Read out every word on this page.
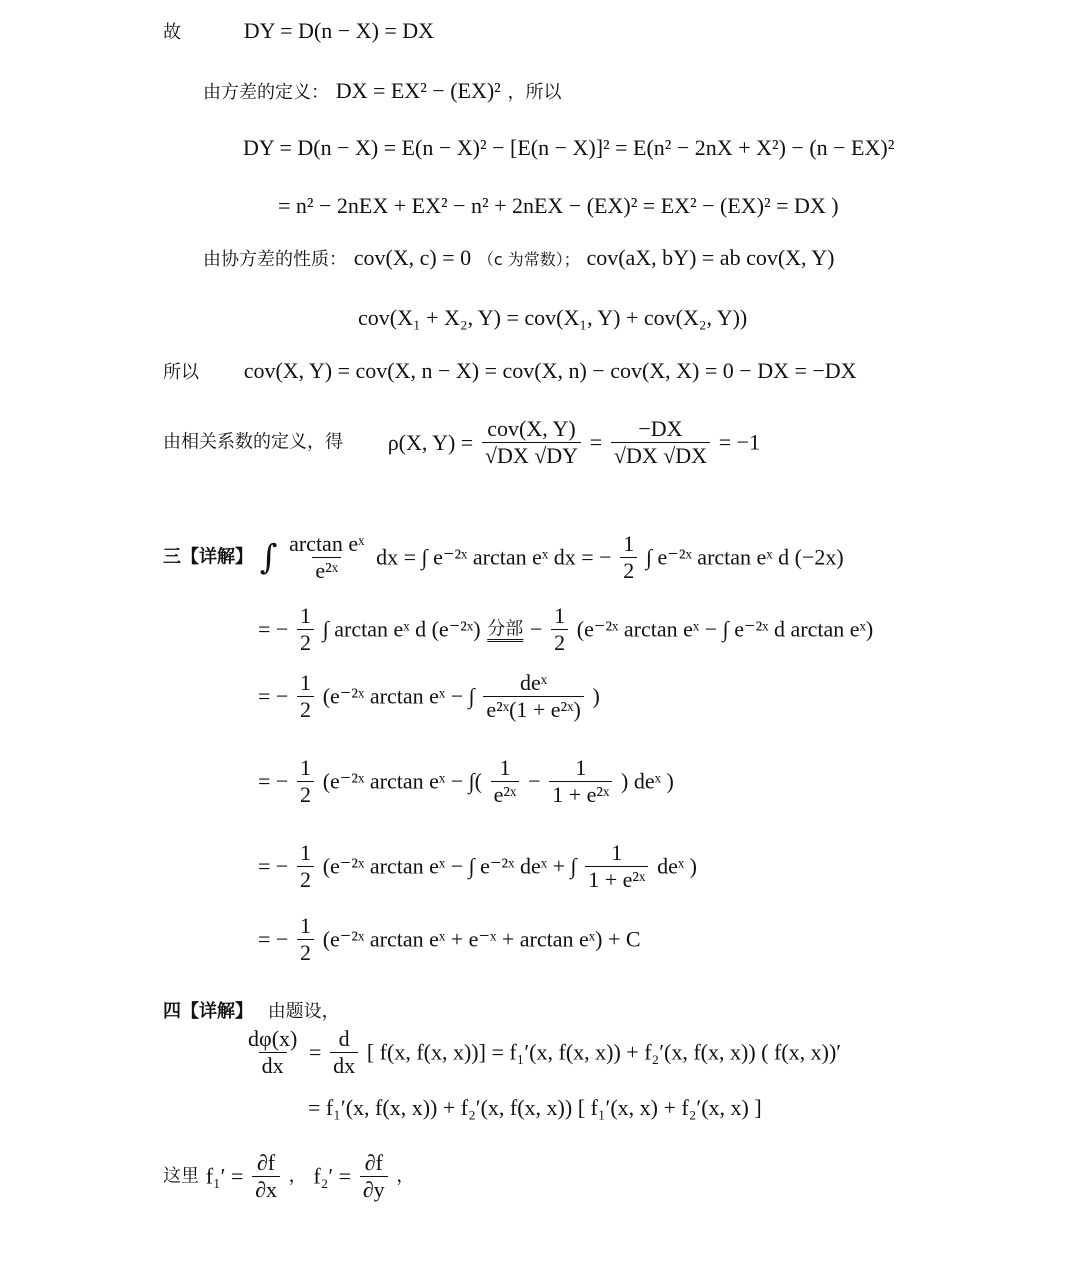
故	DY = D(n − X) = DX
由方差的定义： DX = EX² − (EX)² ，所以
DY = D(n − X) = E(n − X)² − [E(n − X)]² = E(n² − 2nX + X²) − (n − EX)²
= n² − 2nEX + EX² − n² + 2nEX − (EX)² = EX² − (EX)² = DX )
由协方差的性质： cov(X, c) = 0 （c 为常数）； cov(aX, bY) = ab cov(X, Y)
cov(X₁ + X₂, Y) = cov(X₁, Y) + cov(X₂, Y))
所以 cov(X, Y) = cov(X, n − X) = cov(X, n) − cov(X, X) = 0 − DX = −DX
由相关系数的定义，得 ρ(X, $Y) = \frac{\text{cov(X, Y)}}{√DX √DY} = \frac{-DX}{√DX √DX} = -1$
三【详解】 ∫ $\frac{\text{arctan eˣ}}{\text{e²ˣ}}$ dx = ∫ e⁻²ˣ arctan eˣ dx = − $\frac{1}{2}$ ∫ e⁻²ˣ arctan eˣ d (−2x)
= − $\frac{1}{2}$ ∫ arctan eˣ d (e⁻²ˣ) 分部 − $\frac{1}{2}$ (e⁻²ˣ arctan eˣ − ∫ e⁻²ˣ d arctan eˣ)
= − $\frac{1}{2}$ (e⁻²ˣ arctan eˣ − ∫ $\frac{\text{deˣ}}{\text{e²ˣ(1 + e²ˣ)}}$ )
= − $\frac{1}{2}$ (e⁻²ˣ arctan eˣ − ∫( $\frac{1}{\text{e²ˣ}} - \frac{1}{\text{1 + e²ˣ}}$ ) deˣ )
= − $\frac{1}{2}$ (e⁻²ˣ arctan eˣ − ∫ e⁻²ˣ deˣ + ∫ $\frac{1}{\text{1 + e²ˣ}}$ deˣ )
= − $\frac{1}{2}$ (e⁻²ˣ arctan eˣ + e⁻ˣ + arctan eˣ) + C
四【详解】 由题设，
$\frac{d\varphi(x)}{dx} = \frac{d}{dx}$ [ f(x, f(x, x))] = f₁′(x, f(x, x)) + f₂′(x, f(x, x)) ( f(x, x))′
= f₁′(x, f(x, x)) + f₂′(x, f(x, x)) [ f₁′(x, x) + f₂′(x, x) ]
这里 $f_1' = \frac{\partial f}{\partial x}$ ， $f_2' = \frac{\partial f}{\partial y}$ ，
